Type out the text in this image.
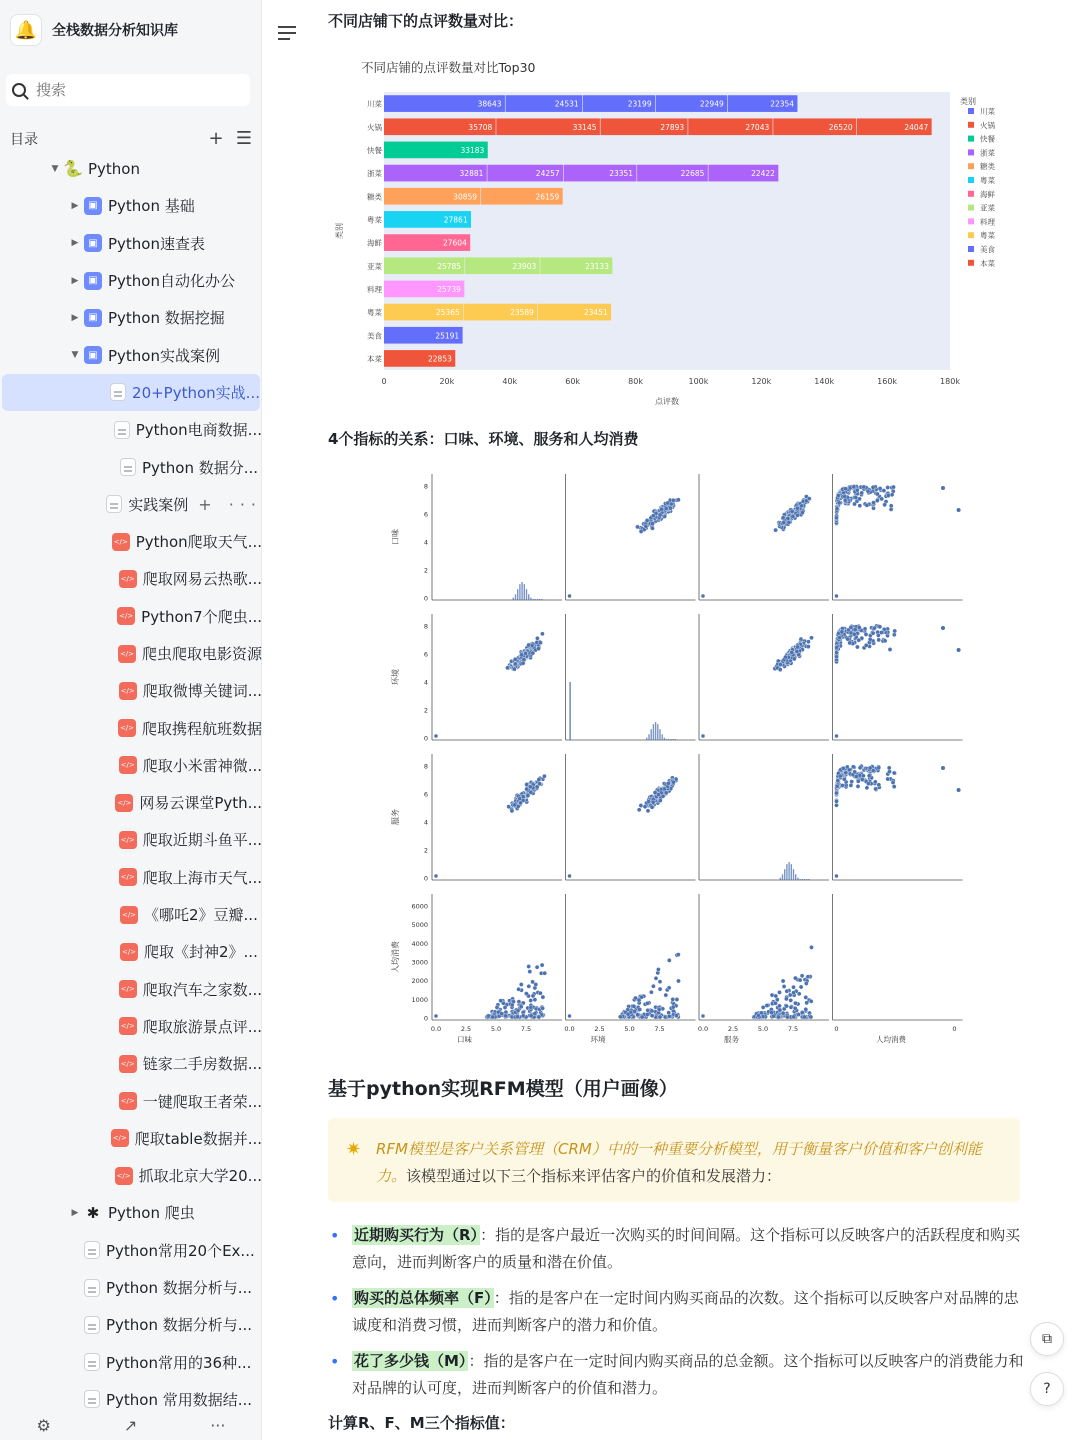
🔔	全栈数据分析知识库
搜索
目录	+ ☰
▼ 🐍 Python
▶ ▣ Python 基础
▶ ▣ Python速查表
▶ ▣ Python自动化办公
▶ ▣ Python 数据挖掘
▼ ▣ Python实战案例
20+Python实战...
Python电商数据...
Python 数据分...
实践案例 + ···
</> Python爬取天气...
</> 爬取网易云热歌...
</> Python7个爬虫...
</> 爬虫爬取电影资源
</> 爬取微博关键词...
</> 爬取携程航班数据
</> 爬取小米雷神微...
</> 网易云课堂Pyth...
</> 爬取近期斗鱼平...
</> 爬取上海市天气...
</> 《哪吒2》豆瓣...
</> 爬取《封神2》...
</> 爬取汽车之家数...
</> 爬取旅游景点评...
</> 链家二手房数据...
</> 一键爬取王者荣...
</> 爬取table数据并...
</> 抓取北京大学20...
▶ ✱ Python 爬虫
Python常用20个Ex...
Python 数据分析与...
Python 数据分析与...
Python常用的36种...
Python 常用数据结...
⚙	↗	···
不同店铺下的点评数量对比：
不同店铺的点评数量对比Top30
0	20k	40k	60k	80k	100k	120k	140k	160k	180k
点评数
类别
川菜	38643	24531	23199	22949	22354
火锅	35708	33145	27893	27043	26520	24047
快餐	33183
浙菜	32881	24257	23351	22685	22422
糖类	30859	26159
粤菜	27861
海鲜	27604
亚菜	25785	23903	23133
料理	25739
粤菜	25365	23589	23451
美食	25191
本菜	22853
类别
川菜
火锅
快餐
浙菜
糖类
粤菜
海鲜
亚菜
料理
粤菜
美食
本菜
4个指标的关系：口味、环境、服务和人均消费
口味
0
2
4
6
8
环境
0
2
4
6
8
服务
0
2
4
6
8
人均消费
0
1000
2000
3000
4000
5000
6000
0.0	2.5	5.0	7.5
口味
0.0	2.5	5.0	7.5
环境
0.0	2.5	5.0	7.5
服务
0	0
人均消费
基于python实现RFM模型（用户画像）
✷ RFM模型是客户关系管理（CRM）中的一种重要分析模型，用于衡量客户价值和客户创利能力。该模型通过以下三个指标来评估客户的价值和发展潜力：
• 近期购买行为（R） ：指的是客户最近一次购买的时间间隔。这个指标可以反映客户的活跃程度和购买意向，进而判断客户的质量和潜在价值。
• 购买的总体频率（F） ：指的是客户在一定时间内购买商品的次数。这个指标可以反映客户对品牌的忠诚度和消费习惯，进而判断客户的潜力和价值。
• 花了多少钱（M） ：指的是客户在一定时间内购买商品的总金额。这个指标可以反映客户的消费能力和对品牌的认可度，进而判断客户的价值和潜力。
计算R、F、M三个指标值：
⧉
?
